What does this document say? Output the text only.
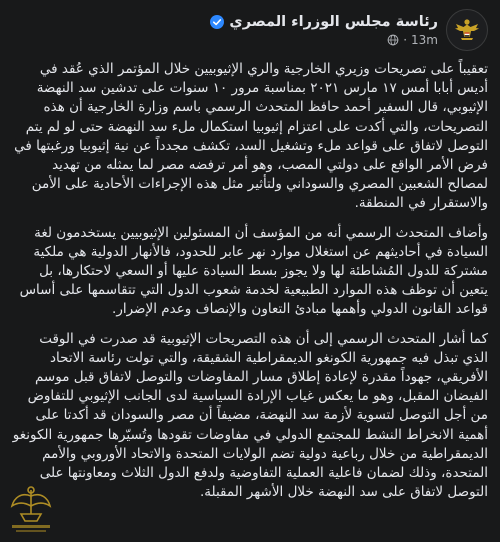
رئاسة مجلس الوزراء المصري
13m
·

تعقيباً على تصريحات وزيري الخارجية والري الإثيوبيين خلال المؤتمر الذي عُقد في أديس أبابا أمس ١٧ مارس ٢٠٢١ بمناسبة مرور ١٠ سنوات على تدشين سد النهضة الإثيوبي، قال السفير أحمد حافظ المتحدث الرسمي باسم وزارة الخارجية أن هذه التصريحات، والتي أكدت على اعتزام إثيوبيا استكمال ملء سد النهضة حتى لو لم يتم التوصل لاتفاق على قواعد ملء وتشغيل السد، تكشف مجدداً عن نية إثيوبيا ورغبتها في فرض الأمر الواقع على دولتي المصب، وهو أمر ترفضه مصر لما يمثله من تهديد لمصالح الشعبين المصري والسوداني ولتأثير مثل هذه الإجراءات الأحادية على الأمن والاستقرار في المنطقة.

وأضاف المتحدث الرسمي أنه من المؤسف أن المسئولين الإثيوبيين يستخدمون لغة السيادة في أحاديثهم عن استغلال موارد نهر عابر للحدود، فالأنهار الدولية هي ملكية مشتركة للدول المُشاطئة لها ولا يجوز بسط السيادة عليها أو السعي لاحتكارها، بل يتعين أن توظف هذه الموارد الطبيعية لخدمة شعوب الدول التي تتقاسمها على أساس قواعد القانون الدولي وأهمها مبادئ التعاون والإنصاف وعدم الإضرار.

كما أشار المتحدث الرسمي إلى أن هذه التصريحات الإثيوبية قد صدرت في الوقت الذي تبذل فيه جمهورية الكونغو الديمقراطية الشقيقة، والتي تولت رئاسة الاتحاد الأفريقي، جهوداً مقدرة لإعادة إطلاق مسار المفاوضات والتوصل لاتفاق قبل موسم الفيضان المقبل، وهو ما يعكس غياب الإرادة السياسية لدى الجانب الإثيوبي للتفاوض من أجل التوصل لتسوية لأزمة سد النهضة، مضيفاً أن مصر والسودان قد أكدتا على أهمية الانخراط النشط للمجتمع الدولي في مفاوضات تقودها وتُسيّرها جمهورية الكونغو الديمقراطية من خلال رباعية دولية تضم الولايات المتحدة والاتحاد الأوروبي والأمم المتحدة، وذلك لضمان فاعلية العملية التفاوضية ولدفع الدول الثلاث ومعاونتها على التوصل لاتفاق على سد النهضة خلال الأشهر المقبلة.
